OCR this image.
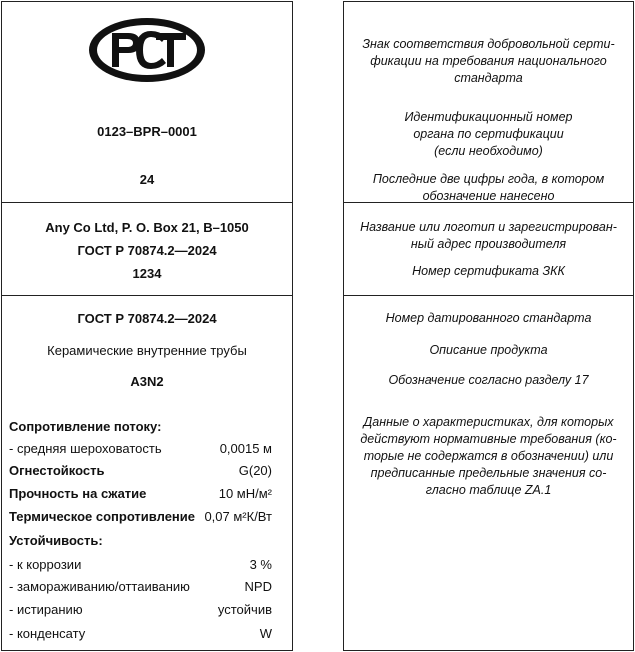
0123–BPR–0001
24
Any Co Ltd, P. O. Box 21, B–1050
ГОСТ Р 70874.2—2024
1234
ГОСТ Р 70874.2—2024
Керамические внутренние трубы
A3N2
Сопротивление потоку:
- средняя шероховатость	0,0015 м
Огнестойкость	G(20)
Прочность на сжатие	10 мН/м²
Термическое сопротивление 0,07 м²К/Вт
Устойчивость:
- к коррозии	3 %
- замораживанию/оттаиванию	NPD
- истиранию	устойчив
- конденсату	W
Знак соответствия добровольной серти-
фикации на требования национального
стандарта
Идентификационный номер
органа по сертификации
(если необходимо)
Последние две цифры года, в котором
обозначение нанесено
Название или логотип и зарегистрирован-
ный адрес производителя
Номер сертификата ЗКК
Номер датированного стандарта
Описание продукта
Обозначение согласно разделу 17
Данные о характеристиках, для которых
действуют нормативные требования (ко-
торые не содержатся в обозначении) или
предписанные предельные значения со-
гласно таблице ZA.1
